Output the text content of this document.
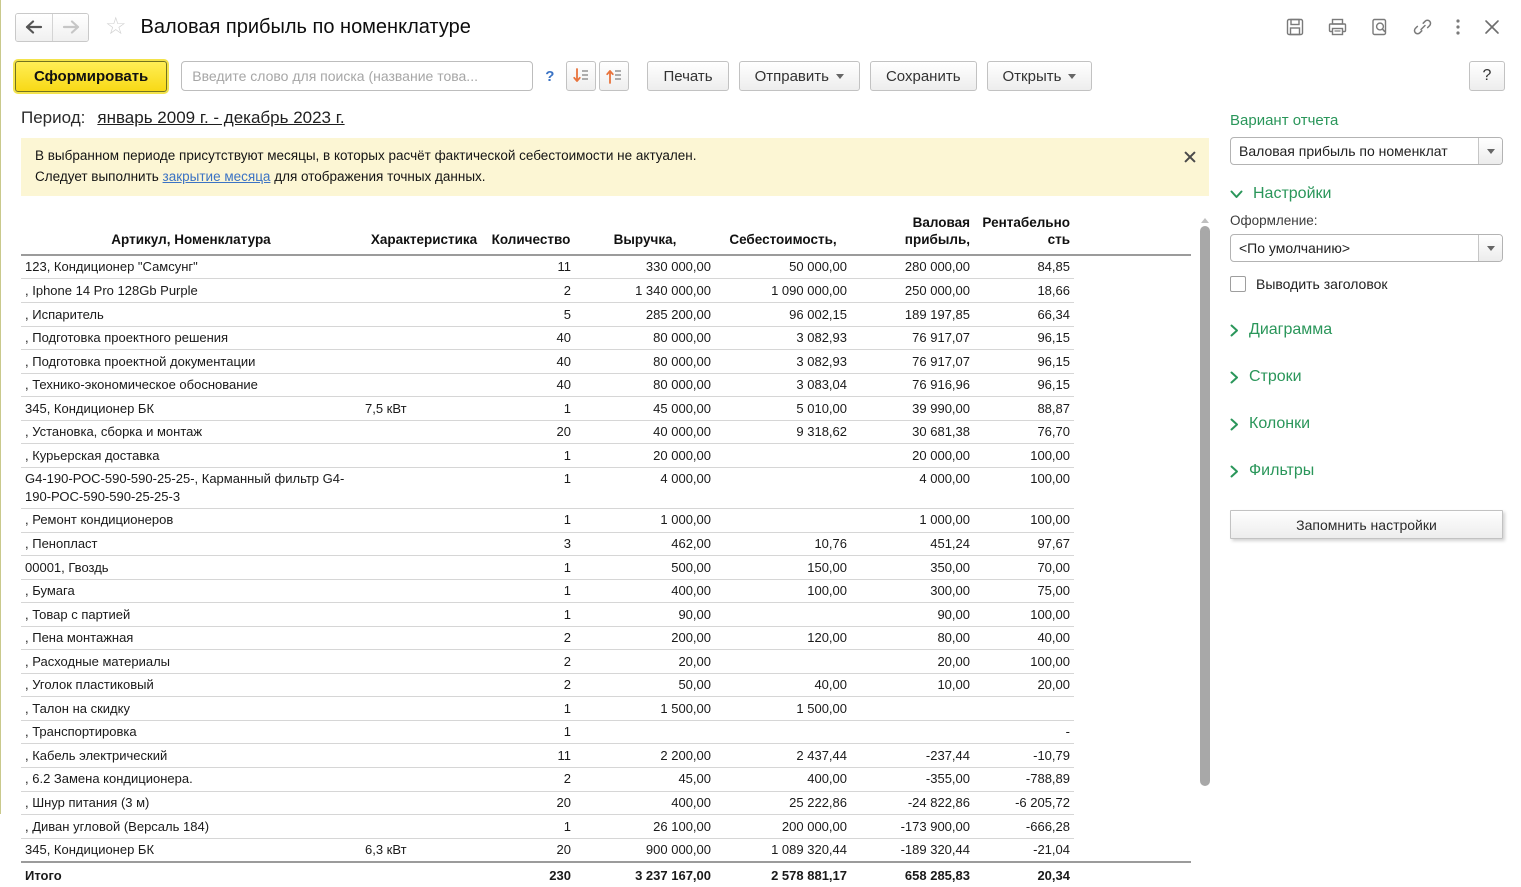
☆ Валовая прибыль по номенклатуре
Сформировать
Введите слово для поиска (название това...	?	Печать	Отправить	Сохранить	Открыть	?
Период: январь 2009 г. - декабрь 2023 г.
В выбранном периоде присутствуют месяцы, в которых расчёт фактической себестоимости не актуален.
Следует выполнить закрытие месяца для отображения точных данных.
Артикул, Номенклатура	Характеристика	Количество	Выручка,	Себестоимость,	Валовая прибыль,	Рентабельность	
123, Кондиционер "Самсунг"		11	330 000,00	50 000,00	280 000,00	84,85	
, Iphone 14 Pro 128Gb Purple		2	1 340 000,00	1 090 000,00	250 000,00	18,66	
, Испаритель		5	285 200,00	96 002,15	189 197,85	66,34	
, Подготовка проектного решения		40	80 000,00	3 082,93	76 917,07	96,15	
, Подготовка проектной документации		40	80 000,00	3 082,93	76 917,07	96,15	
, Технико-экономическое обоснование		40	80 000,00	3 083,04	76 916,96	96,15	
345, Кондиционер БК	7,5 кВт	1	45 000,00	5 010,00	39 990,00	88,87	
, Установка, сборка и монтаж		20	40 000,00	9 318,62	30 681,38	76,70	
, Курьерская доставка		1	20 000,00		20 000,00	100,00	
G4-190-РОС-590-590-25-25-, Карманный фильтр G4-190-РОС-590-590-25-25-3		1	4 000,00		4 000,00	100,00	
, Ремонт кондиционеров		1	1 000,00		1 000,00	100,00	
, Пенопласт		3	462,00	10,76	451,24	97,67	
00001, Гвоздь		1	500,00	150,00	350,00	70,00	
, Бумага		1	400,00	100,00	300,00	75,00	
, Товар с партией		1	90,00		90,00	100,00	
, Пена монтажная		2	200,00	120,00	80,00	40,00	
, Расходные материалы		2	20,00		20,00	100,00	
, Уголок пластиковый		2	50,00	40,00	10,00	20,00	
, Талон на скидку		1	1 500,00	1 500,00			
, Транспортировка		1				-	
, Кабель электрический		11	2 200,00	2 437,44	-237,44	-10,79	
, 6.2 Замена кондиционера.		2	45,00	400,00	-355,00	-788,89	
, Шнур питания (3 м)		20	400,00	25 222,86	-24 822,86	-6 205,72	
, Диван угловой (Версаль 184)		1	26 100,00	200 000,00	-173 900,00	-666,28	
345, Кондиционер БК	6,3 кВт	20	900 000,00	1 089 320,44	-189 320,44	-21,04	
Итого		230	3 237 167,00	2 578 881,17	658 285,83	20,34	
Вариант отчета
Валовая прибыль по номенклат
Настройки
Оформление:
<По умолчанию>
Выводить заголовок
Диаграмма
Строки
Колонки
Фильтры
Запомнить настройки
